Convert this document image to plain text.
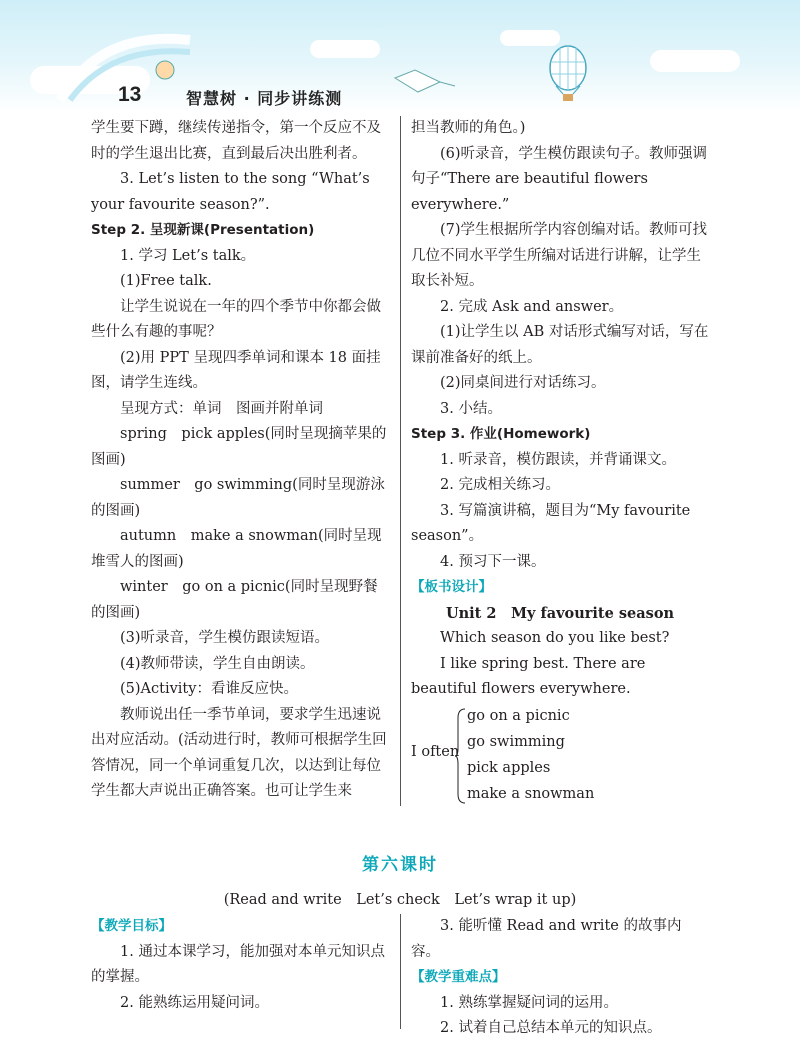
13	智慧树 · 同步讲练测

学生要下蹲，继续传递指令，第一个反应不及时的学生退出比赛，直到最后决出胜利者。

3. Let’s listen to the song “What’s your favourite season?”.

Step 2. 呈现新课(Presentation)

1. 学习 Let’s talk。

(1)Free talk.

让学生说说在一年的四个季节中你都会做些什么有趣的事呢？

(2)用 PPT 呈现四季单词和课本 18 面挂图，请学生连线。

呈现方式：单词　图画并附单词

spring　pick apples(同时呈现摘苹果的图画)

summer　go swimming(同时呈现游泳的图画)

autumn　make a snowman(同时呈现堆雪人的图画)

winter　go on a picnic(同时呈现野餐的图画)

(3)听录音，学生模仿跟读短语。

(4)教师带读，学生自由朗读。

(5)Activity：看谁反应快。

教师说出任一季节单词，要求学生迅速说出对应活动。(活动进行时，教师可根据学生回答情况，同一个单词重复几次，以达到让每位学生都大声说出正确答案。也可让学生来

担当教师的角色。)

(6)听录音，学生模仿跟读句子。教师强调句子“There are beautiful flowers everywhere.”

(7)学生根据所学内容创编对话。教师可找几位不同水平学生所编对话进行讲解，让学生取长补短。

2. 完成 Ask and answer。

(1)让学生以 AB 对话形式编写对话，写在课前准备好的纸上。

(2)同桌间进行对话练习。

3. 小结。

Step 3. 作业(Homework)

1. 听录音，模仿跟读，并背诵课文。

2. 完成相关练习。

3. 写篇演讲稿，题目为“My favourite season”。

4. 预习下一课。

【板书设计】

Unit 2　My favourite season

Which season do you like best?

I like spring best. There are beautiful flowers everywhere.

I often
go on a picnic
go swimming
pick apples
make a snowman
第六课时
(Read and write　Let’s check　Let’s wrap it up)

【教学目标】

1. 通过本课学习，能加强对本单元知识点的掌握。

2. 能熟练运用疑问词。

3. 能听懂 Read and write 的故事内容。

【教学重难点】

1. 熟练掌握疑问词的运用。

2. 试着自己总结本单元的知识点。
